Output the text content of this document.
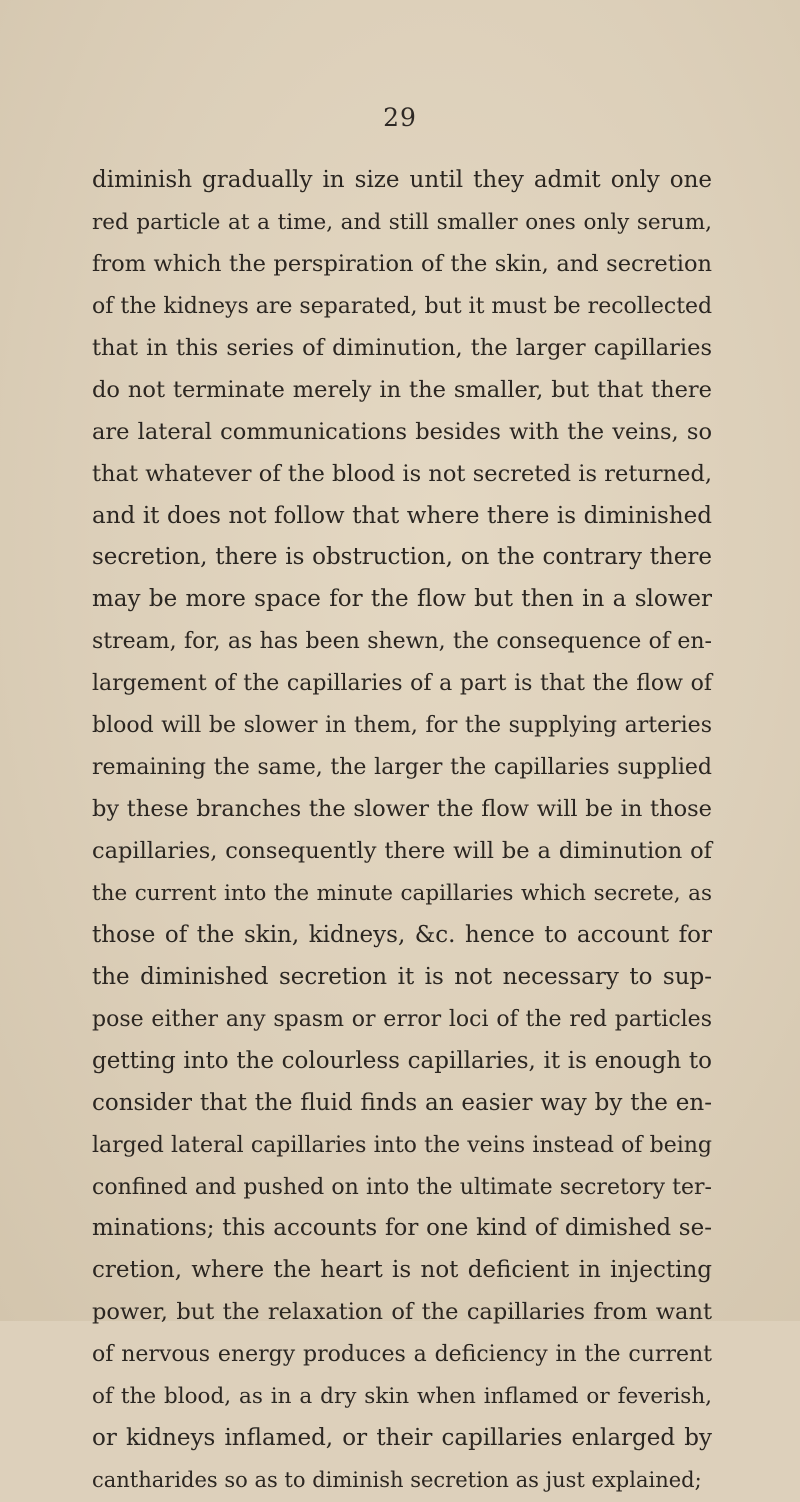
29
diminish gradually in size until they admit only one
red particle at a time, and still smaller ones only serum,
from which the perspiration of the skin, and secretion
of the kidneys are separated, but it must be recollected
that in this series of diminution, the larger capillaries
do not terminate merely in the smaller, but that there
are lateral communications besides with the veins, so
that whatever of the blood is not secreted is returned,
and it does not follow that where there is diminished
secretion, there is obstruction, on the contrary there
may be more space for the flow but then in a slower
stream, for, as has been shewn, the consequence of en-
largement of the capillaries of a part is that the flow of
blood will be slower in them, for the supplying arteries
remaining the same, the larger the capillaries supplied
by these branches the slower the flow will be in those
capillaries, consequently there will be a diminution of
the current into the minute capillaries which secrete, as
those of the skin, kidneys, &c. hence to account for
the diminished secretion it is not necessary to sup-
pose either any spasm or error loci of the red particles
getting into the colourless capillaries, it is enough to
consider that the fluid finds an easier way by the en-
larged lateral capillaries into the veins instead of being
confined and pushed on into the ultimate secretory ter-
minations; this accounts for one kind of dimished se-
cretion, where the heart is not deficient in injecting
power, but the relaxation of the capillaries from want
of nervous energy produces a deficiency in the current
of the blood, as in a dry skin when inflamed or feverish,
or kidneys inflamed, or their capillaries enlarged by
cantharides so as to diminish secretion as just explained;
